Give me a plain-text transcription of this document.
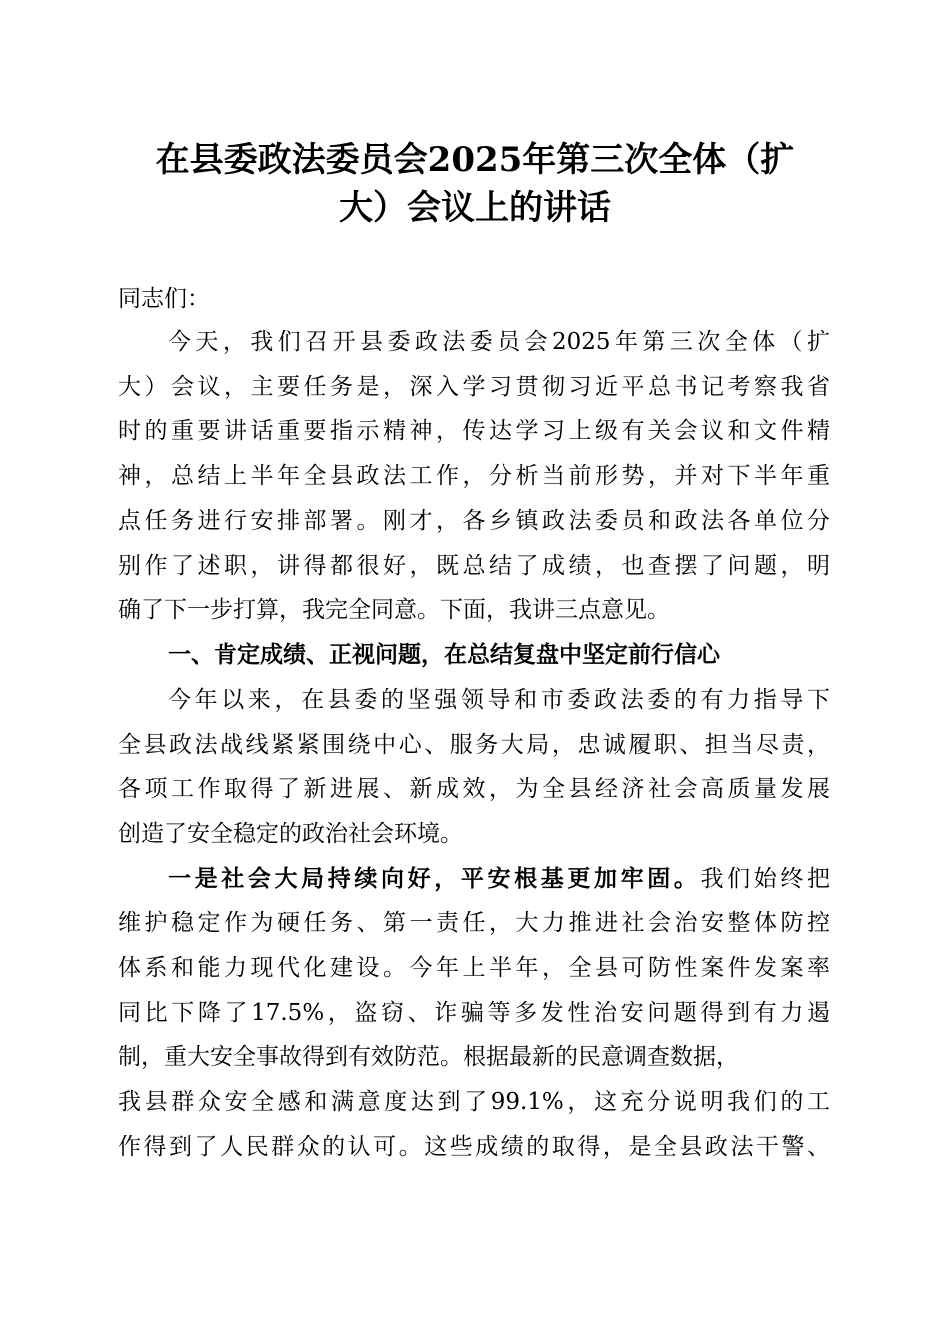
在县委政法委员会2025年第三次全体（扩
大）会议上的讲话
同志们：
今天，我们召开县委政法委员会2025年第三次全体（扩
大）会议，主要任务是，深入学习贯彻习近平总书记考察我省
时的重要讲话重要指示精神，传达学习上级有关会议和文件精
神，总结上半年全县政法工作，分析当前形势，并对下半年重
点任务进行安排部署。刚才，各乡镇政法委员和政法各单位分
别作了述职，讲得都很好，既总结了成绩，也查摆了问题，明
确了下一步打算，我完全同意。下面，我讲三点意见。
一、肯定成绩、正视问题，在总结复盘中坚定前行信心
今年以来，在县委的坚强领导和市委政法委的有力指导下
全县政法战线紧紧围绕中心、服务大局，忠诚履职、担当尽责，
各项工作取得了新进展、新成效，为全县经济社会高质量发展
创造了安全稳定的政治社会环境。
一是社会大局持续向好，平安根基更加牢固。我们始终把
维护稳定作为硬任务、第一责任，大力推进社会治安整体防控
体系和能力现代化建设。今年上半年，全县可防性案件发案率
同比下降了17.5%，盗窃、诈骗等多发性治安问题得到有力遏
制，重大安全事故得到有效防范。根据最新的民意调查数据，
我县群众安全感和满意度达到了99.1%，这充分说明我们的工
作得到了人民群众的认可。这些成绩的取得，是全县政法干警、
